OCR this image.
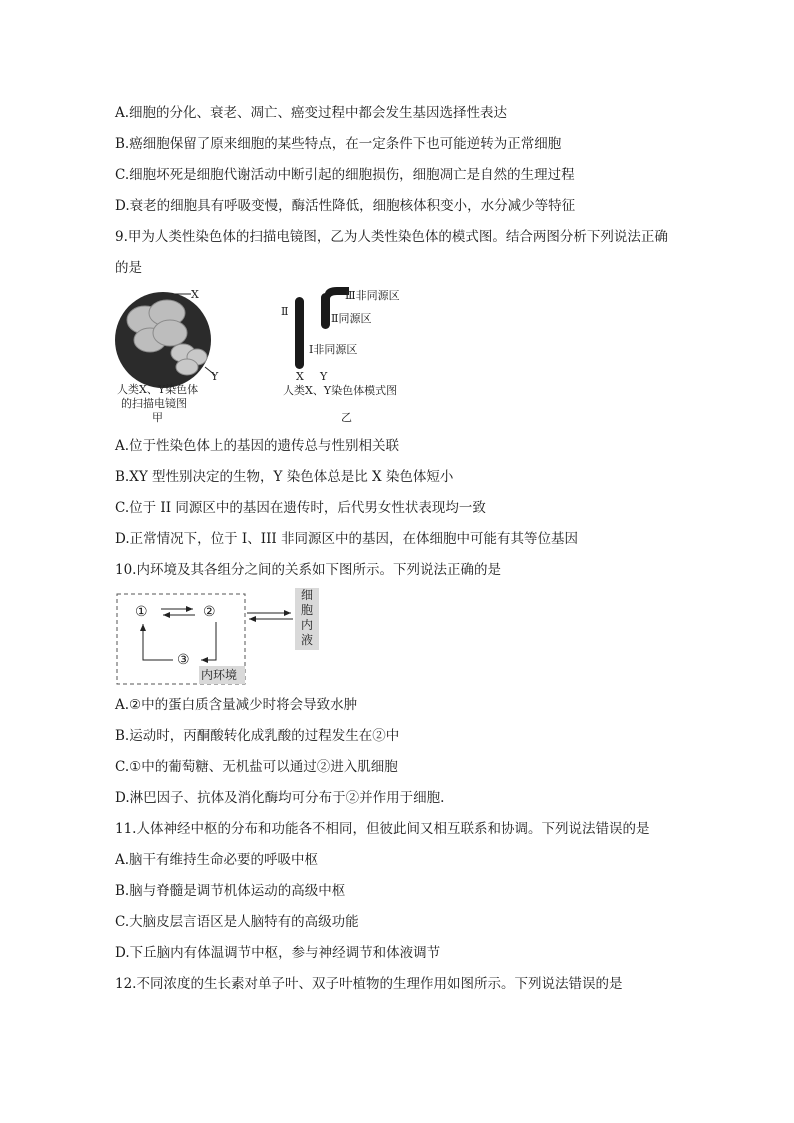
A.细胞的分化、衰老、凋亡、癌变过程中都会发生基因选择性表达
B.癌细胞保留了原来细胞的某些特点，在一定条件下也可能逆转为正常细胞
C.细胞坏死是细胞代谢活动中断引起的细胞损伤，细胞凋亡是自然的生理过程
D.衰老的细胞具有呼吸变慢，酶活性降低，细胞核体积变小，水分减少等特征
9.甲为人类性染色体的扫描电镜图，乙为人类性染色体的模式图。结合两图分析下列说法正确
的是
X
Y
人类X、Y染色体
的扫描电镜图
甲
Ⅲ非同源区
Ⅱ
Ⅱ同源区
Ⅰ非同源区
X Y
人类X、Y染色体模式图
乙
A.位于性染色体上的基因的遗传总与性别相关联
B.XY 型性别决定的生物，Y 染色体总是比 X 染色体短小
C.位于 II 同源区中的基因在遗传时，后代男女性状表现均一致
D.正常情况下，位于 I、III 非同源区中的基因，在体细胞中可能有其等位基因
10.内环境及其各组分之间的关系如下图所示。下列说法正确的是
①	②
③
内环境
细
胞
内
液
A.②中的蛋白质含量减少时将会导致水肿
B.运动时，丙酮酸转化成乳酸的过程发生在②中
C.①中的葡萄糖、无机盐可以通过②进入肌细胞
D.淋巴因子、抗体及消化酶均可分布于②并作用于细胞.
11.人体神经中枢的分布和功能各不相同，但彼此间又相互联系和协调。下列说法错误的是
A.脑干有维持生命必要的呼吸中枢
B.脑与脊髓是调节机体运动的高级中枢
C.大脑皮层言语区是人脑特有的高级功能
D.下丘脑内有体温调节中枢，参与神经调节和体液调节
12.不同浓度的生长素对单子叶、双子叶植物的生理作用如图所示。下列说法错误的是
